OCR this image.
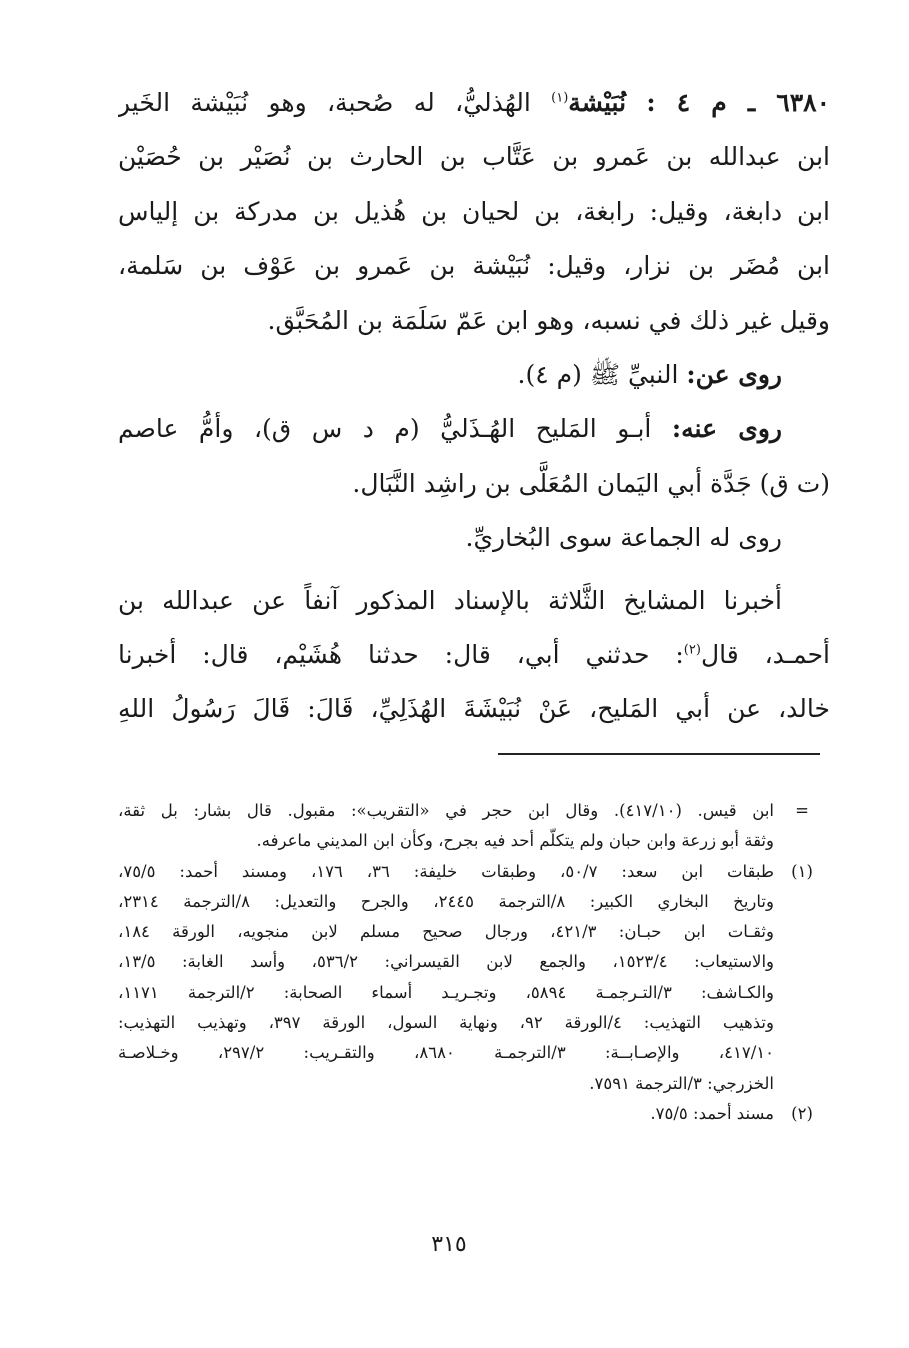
٦٣٨٠ ـ م ٤ : نُبَيْشة$^{(١)}$ الهُذليُّ، له صُحبة، وهو نُبَيْشة الخَير
ابن عبدالله بن عَمرو بن عَتَّاب بن الحارث بن نُصَيْر بن حُصَيْن
ابن دابغة، وقيل: رابغة، بن لحيان بن هُذيل بن مدركة بن إلياس
ابن مُضَر بن نزار، وقيل: نُبَيْشة بن عَمرو بن عَوْف بن سَلمة،
وقيل غير ذلك في نسبه، وهو ابن عَمّ سَلَمَة بن المُحَبَّق.
روى عن: النبيِّ ﷺ (م ٤).
روى عنه: أبـو المَليح الهُـذَليُّ (م د س ق)، وأمُّ عاصم
(ت ق) جَدَّة أبي اليَمان المُعَلَّى بن راشِد النَّبَال.
روى له الجماعة سوى البُخاريِّ.
أخبرنا المشايخ الثَّلاثة بالإسناد المذكور آنفاً عن عبدالله بن
أحمـد، قال$^{(٢)}$: حدثني أبي، قال: حدثنا هُشَيْم، قال: أخبرنا
خالد، عن أبي المَليح، عَنْ نُبَيْشَةَ الهُذَلِيِّ، قَالَ: قَالَ رَسُولُ اللهِ
=
ابن قيس. (٤١٧/١٠). وقال ابن حجر في «التقريب»: مقبول. قال بشار: بل ثقة،
وثقة أبو زرعة وابن حبان ولم يتكلّم أحد فيه بجرح، وكأن ابن المديني ماعرفه.
(١)
طبقات ابن سعد: ٥٠/٧، وطبقات خليفة: ٣٦، ١٧٦، ومسند أحمد: ٧٥/٥،
وتاريخ البخاري الكبير: ٨/الترجمة ٢٤٤٥، والجرح والتعديل: ٨/الترجمة ٢٣١٤،
وثقـات ابن حبـان: ٤٢١/٣، ورجال صحيح مسلم لابن منجويه، الورقة ١٨٤،
والاستيعاب: ١٥٢٣/٤، والجمع لابن القيسراني: ٥٣٦/٢، وأسد الغابة: ١٣/٥،
والكـاشف: ٣/التـرجمـة ٥٨٩٤، وتجـريـد أسماء الصحابة: ٢/الترجمة ١١٧١،
وتذهيب التهذيب: ٤/الورقة ٩٢، ونهاية السول، الورقة ٣٩٧، وتهذيب التهذيب:
٤١٧/١٠، والإصـابــة: ٣/الترجمـة ٨٦٨٠، والتقـريب: ٢٩٧/٢، وخـلاصـة
الخزرجي: ٣/الترجمة ٧٥٩١.
(٢)
مسند أحمد: ٧٥/٥.
٣١٥
